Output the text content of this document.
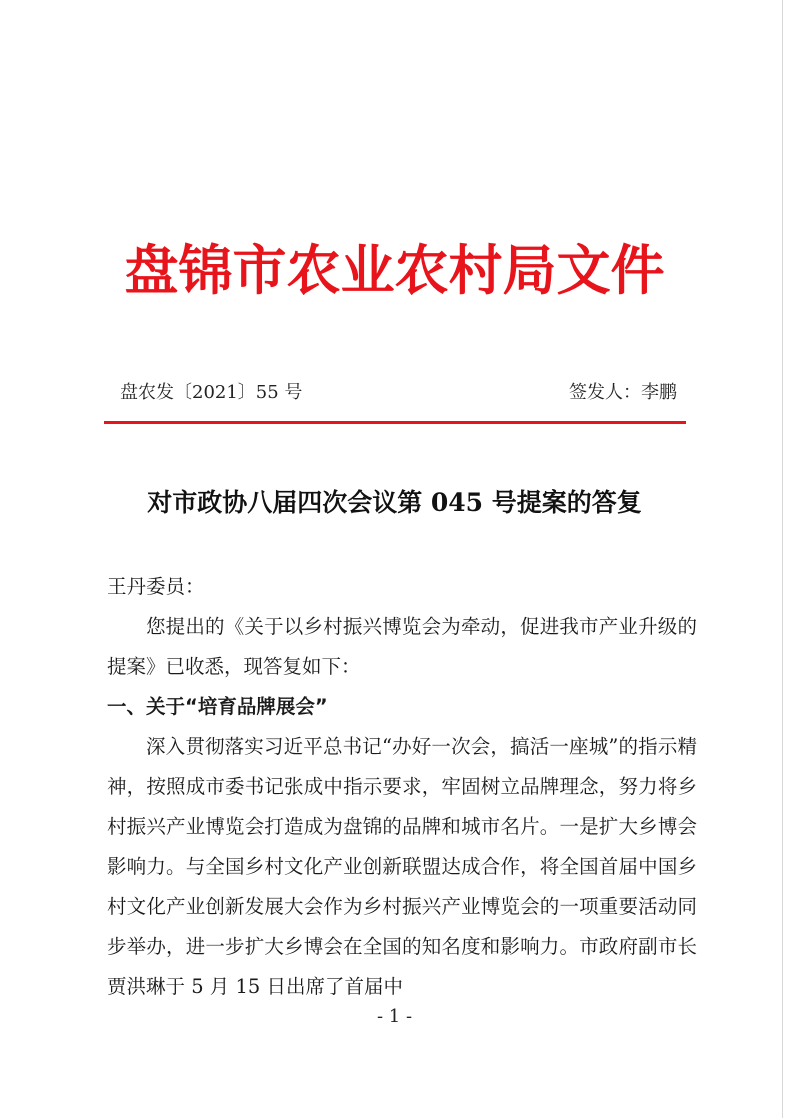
盘锦市农业农村局文件
盘农发〔2021〕55 号	签发人：李鹏
对市政协八届四次会议第 045 号提案的答复

王丹委员：

您提出的《关于以乡村振兴博览会为牵动，促进我市产业升级的提案》已收悉，现答复如下：

一、关于“培育品牌展会”

深入贯彻落实习近平总书记“办好一次会，搞活一座城”的指示精神，按照成市委书记张成中指示要求，牢固树立品牌理念，努力将乡村振兴产业博览会打造成为盘锦的品牌和城市名片。一是扩大乡博会影响力。与全国乡村文化产业创新联盟达成合作，将全国首届中国乡村文化产业创新发展大会作为乡村振兴产业博览会的一项重要活动同步举办，进一步扩大乡博会在全国的知名度和影响力。市政府副市长贾洪琳于 5 月 15 日出席了首届中

- 1 -
